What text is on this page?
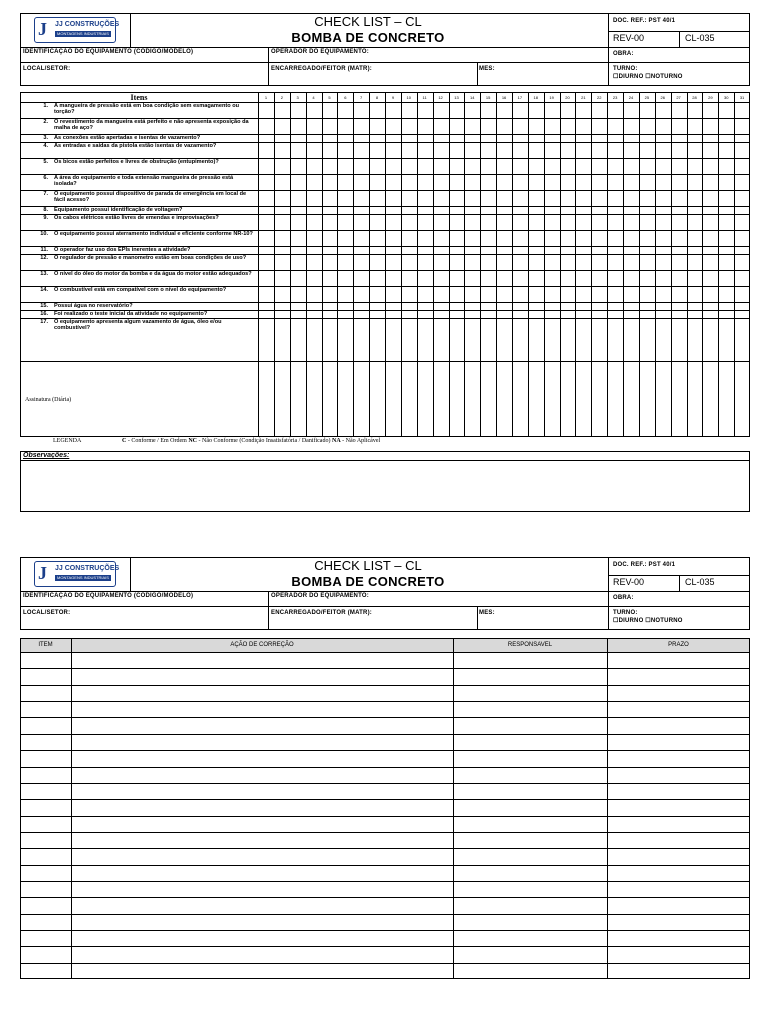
J JJ CONSTRUÇÕES
MONTAGENS INDUSTRIAIS
CHECK LIST – CL
BOMBA DE CONCRETO
DOC. REF.: PST 40/1
REV-00	CL-035
OBRA:
TURNO:
☐DIURNO ☐NOTURNO
IDENTIFICAÇÃO DO EQUIPAMENTO (CÓDIGO/MODELO)	OPERADOR DO EQUIPAMENTO:
LOCAL/SETOR:	ENCARREGADO/FEITOR (MATR):	MES:
Itens	1	2	3	4	5	6	7	8	9	10	11	12	13	14	15	16	17	18	19	20	21	22	23	24	25	26	27	28	29	30	31
1. A mangueira de pressão está em boa condição sem esmagamento ou torção?
2. O revestimento da mangueira está perfeito e não apresenta exposição da malha de aço?
3. As conexões estão apertadas e isentas de vazamento?
4. As entradas e saídas da pistola estão isentas de vazamento?
5. Os bicos estão perfeitos e livres de obstrução (entupimento)?
6. A área do equipamento e toda extensão mangueira de pressão está isolada?
7. O equipamento possui dispositivo de parada de emergência em local de fácil acesso?
8. Equipamento possui identificação de voltagem?
9. Os cabos elétricos estão livres de emendas e improvisações?
10. O equipamento possui aterramento individual e eficiente conforme NR-10?
11. O operador faz uso dos EPIs inerentes a atividade?
12. O regulador de pressão e manometro estão em boas condições de uso?
13. O nível do óleo do motor da bomba e da água do motor estão adequados?
14. O combustível está em compatível com o nível do equipamento?
15. Possui água no reservatório?
16. Foi realizado o teste inicial da atividade no equipamento?
17. O equipamento apresenta algum vazamento de água, óleo e/ou combustível?
Assinatura (Diária)
LEGENDA	C - Conforme / Em Ordem NC - Não Conforme (Condição Insatisfatória / Danificado) NA - Não Aplicável
Observações:
J JJ CONSTRUÇÕES
MONTAGENS INDUSTRIAIS
CHECK LIST – CL
BOMBA DE CONCRETO
DOC. REF.: PST 40/1
REV-00	CL-035
OBRA:
TURNO:
☐DIURNO ☐NOTURNO
IDENTIFICAÇÃO DO EQUIPAMENTO (CÓDIGO/MODELO)	OPERADOR DO EQUIPAMENTO:
LOCAL/SETOR:	ENCARREGADO/FEITOR (MATR):	MES:
ITEM	AÇÃO DE CORREÇÃO	RESPONSAVEL	PRAZO
